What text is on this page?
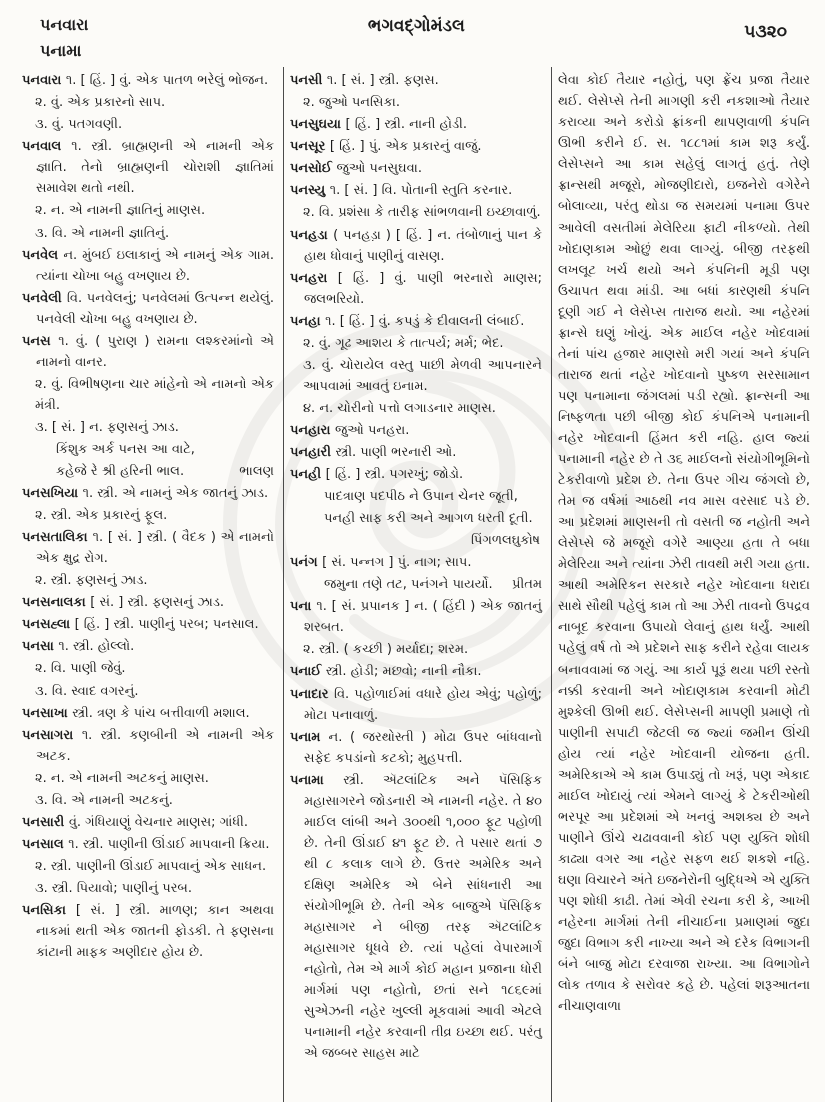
પનવારા
પનામા
ભગવદ્ગોમંડલ	૫૩૨૦

પનવારા ૧. [ હિં. ] વું. એક પાતળ ભરેલું ભોજન.

૨. વું. એક પ્રકારનો સાપ.

૩. વું. પતગવણી.

પનવાલ ૧. સ્ત્રી. બ્રાહ્મણની એ નામની એક જ્ઞાતિ. તેનો બ્રાહ્મણની ચોરાશી જ્ઞાતિમાં સમાવેશ થતો નથી.

૨. ન. એ નામની જ્ઞાતિનું માણસ.

૩. વિ. એ નામની જ્ઞાતિનું.

પનવેલ ન. મુંબઈ ઇલાકાનું એ નામનું એક ગામ. ત્યાંના ચોખા બહુ વખણાય છે.

પનવેલી વિ. પનવેલનું; પનવેલમાં ઉત્પન્ન થયેલું. પનવેલી ચોખા બહુ વખણાય છે.

પનસ ૧. વું. ( પુરાણ ) રામના લશ્કરમાંનો એ નામનો વાનર.

૨. વું. વિભીષણના ચાર માંહેનો એ નામનો એક મંત્રી.

૩. [ સં. ] ન. ફણસનું ઝાડ.

કિંશુક અર્ક પનસ આ વાટે,

ભાલણ
કહેજે રે શ્રી હરિની ભાલ.

પનસખિયા ૧. સ્ત્રી. એ નામનું એક જાતનું ઝાડ.

૨. સ્ત્રી. એક પ્રકારનું ફૂલ.

પનસતાલિકા ૧. [ સં. ] સ્ત્રી. ( વૈદક ) એ નામનો એક ક્ષુદ્ર રોગ.

૨. સ્ત્રી. ફણસનું ઝાડ.

પનસનાલકા [ સં. ] સ્ત્રી. ફણસનું ઝાડ.

પનસહ્લા [ હિં. ] સ્ત્રી. પાણીનું પરબ; પનસાલ.

પનસા ૧. સ્ત્રી. હોલ્લો.

૨. વિ. પાણી જેવું.

૩. વિ. સ્વાદ વગરનું.

પનસાખા સ્ત્રી. ત્રણ કે પાંચ બત્તીવાળી મશાલ.

પનસાગરા ૧. સ્ત્રી. કણબીની એ નામની એક અટક.

૨. ન. એ નામની અટકનું માણસ.

૩. વિ. એ નામની અટકનું.

પનસારી વું. ગંધિયાણું વેચનાર માણસ; ગાંધી.

પનસાલ ૧. સ્ત્રી. પાણીની ઊંડાઈ માપવાની ક્રિયા.

૨. સ્ત્રી. પાણીની ઊંડાઈ માપવાનું એક સાધન.

૩. સ્ત્રી. પિયાવો; પાણીનું પરબ.

પનસિકા [ સં. ] સ્ત્રી. માળણ; કાન અથવા નાકમાં થતી એક જાતની ફોડકી. તે ફણસના કાંટાની માફક અણીદાર હોય છે.

પનસી ૧. [ સં. ] સ્ત્રી. ફણસ.

૨. જુઓ પનસિકા.

પનસુઘયા [ હિં. ] સ્ત્રી. નાની હોડી.

પનસૂર [ હિં. ] પું. એક પ્રકારનું વાજું.

પનસોઈ જુઓ પનસુઘવા.

પનસ્યુ ૧. [ સં. ] વિ. પોતાની સ્તુતિ કરનાર.

૨. વિ. પ્રશંસા કે તારીફ સાંભળવાની ઇચ્છાવાળું.

પનહડા ( પનહડ઼ા ) [ હિં. ] ન. તંબોળાનું પાન કે હાથ ધોવાનું પાણીનું વાસણ.

પનહરા [ હિં. ] વું. પાણી ભરનારો માણસ; જલભરિયો.

પનહા ૧. [ હિં. ] વું. કપડું કે દીવાલની લંબાઈ.

૨. વું. ગૂઢ આશય કે તાત્પર્ય; મર્મ; ભેદ.

૩. વું. ચોરાયેલ વસ્તુ પાછી મેળવી આપનારને આપવામાં આવતું ઇનામ.

૪. ન. ચોરીનો પત્તો લગાડનાર માણસ.

પનહારા જુઓ પનહરા.

પનહારી સ્ત્રી. પાણી ભરનારી ઓ.

પનહી [ હિં. ] સ્ત્રી. પગરખું; જોડો.

પાદત્રાણ પદપીઠ ને ઉપાન ચેનર જૂતી,

પનહી સાફ કરી અને આગળ ધરતી દૂતી.

પિંગળલઘુકોષ

પનંગ [ સં. પન્નગ ] પું. નાગ; સાપ.

પ્રીતમ
જમુના તણે તટ, પનંગને પાયર્યો.

પના ૧. [ સં. પ્રપાનક ] ન. ( હિંદી ) એક જાતનું શરબત.

૨. સ્ત્રી. ( કચ્છી ) મર્યાદા; શરમ.

પનાઈ સ્ત્રી. હોડી; મછવો; નાની નૌકા.

પનાદાર વિ. પહોળાઈમાં વધારે હોય એવું; પહોળું; મોટા પનાવાળું.

પનામ ન. ( જરથોસ્તી ) મોઢા ઉપર બાંધવાનો સફેદ કપડાંનો કટકો; મુહપત્તી.

પનામા સ્ત્રી. ઍટલાંટિક અને પૅસિફિક મહાસાગરને જોડનારી એ નામની નહેર. તે ૪૦ માઈલ લાંબી અને ૩૦૦થી ૧,૦૦૦ ફૂટ પહોળી છે. તેની ઊંડાઈ ૪૧ ફૂટ છે. તે પસાર થતાં ૭ થી ૮ કલાક લાગે છે. ઉત્તર અમેરિક અને દક્ષિણ અમેરિક એ બેને સાંધનારી આ સંયોગીભૂમિ છે. તેની એક બાજુએ પૅસિફિક મહાસાગર ને બીજી તરફ ઍટલાંટિક મહાસાગર ધૂધવે છે. ત્યાં પહેલાં વેપારમાર્ગ નહોતો, તેમ એ માર્ગ કોઈ મહાન પ્રજાના ધોરી માર્ગમાં પણ નહોતો, છતાં સને ૧૮૬૯માં સુએઝની નહેર ખુલ્લી મૂકવામાં આવી એટલે પનામાની નહેર કરવાની તીવ્ર ઇચ્છા થઈ. પરંતુ એ જબ્બર સાહસ માટે

લેવા કોઈ તૈયાર નહોતું, પણ ફ્રેંચ પ્રજા તૈયાર થઈ. લેસેપ્સે તેની માગણી કરી નકશાઓ તૈયાર કરાવ્યા અને કરોડો ફ્રાંકની થાપણવાળી કંપનિ ઊભી કરીને ઈ. સ. ૧૮૮૧માં કામ શરૂ કર્યું. લેસેપ્સને આ કામ સહેલું લાગતું હતું. તેણે ફ્રાન્સથી મજૂરો, મોજણીદારો, ઇજનેરો વગેરેને બોલાવ્યા, પરંતુ થોડા જ સમયમાં પનામા ઉપર આવેલી વસતીમાં મેલેરિયા ફાટી નીકળ્યો. તેથી ખોદાણકામ ઓછું થવા લાગ્યું. બીજી તરફથી લખલૂટ ખર્ચ થયો અને કંપનિની મૂડી પણ ઉચાપત થવા માંડી. આ બધાં કારણથી કંપનિ દૂણી ગઈ ને લેસેપ્સ તારાજ થયો. આ નહેરમાં ફ્રાન્સે ઘણું ખોયું. એક માઈલ નહેર ખોદવામાં તેનાં પાંચ હજાર માણસો મરી ગયાં અને કંપનિ તારાજ થતાં નહેર ખોદવાનો પુષ્કળ સરસામાન પણ પનામાના જંગલમાં પડી રહ્યો. ફ્રાન્સની આ નિષ્ફળતા પછી બીજી કોઈ કંપનિએ પનામાની નહેર ખોદવાની હિંમત કરી નહિ. હાલ જ્યાં પનામાની નહેર છે તે ૩૬ માઈલનો સંયોગીભૂમિનો ટેકરીવાળો પ્રદેશ છે. તેના ઉપર ગીચ જંગલો છે, તેમ જ વર્ષમાં આઠથી નવ માસ વરસાદ પડે છે. આ પ્રદેશમાં માણસની તો વસતી જ નહોતી અને લેસેપ્સે જે મજૂરો વગેરે આણ્યા હતા તે બધા મેલેરિયા અને ત્યાંના ઝેરી તાવથી મરી ગયા હતા. આથી અમેરિકન સરકારે નહેર ખોદવાના ધરાદા સાથે સૌથી પહેલું કામ તો આ ઝેરી તાવનો ઉપદ્રવ નાબૂદ કરવાના ઉપાયો લેવાનું હાથ ધર્યું. આથી પહેલું વર્ષ તો એ પ્રદેશને સાફ કરીને રહેવા લાયક બનાવવામાં જ ગયું. આ કાર્ય પૂરૂં થયા પછી રસ્તો નક્કી કરવાની અને ખોદાણકામ કરવાની મોટી મુશ્કેલી ઊભી થઈ. લેસેપ્સની માપણી પ્રમાણે તો પાણીની સપાટી જેટલી જ જ્યાં જમીન ઊંચી હોય ત્યાં નહેર ખોદવાની યોજના હતી. અમેરિકાએ એ કામ ઉપાડ્યું તો ખરૂં, પણ એકાદ માઈલ ખોદાયું ત્યાં એમને લાગ્યું કે ટેકરીઓથી ભરપૂર આ પ્રદેશમાં એ ખનવું અશક્ય છે અને પાણીને ઊંચે ચઢાવવાની કોઈ પણ યુક્તિ શોધી કાઢ્યા વગર આ નહેર સફળ થઈ શકશે નહિ. ઘણા વિચારને અંતે ઇજનેરોની બુદ્ધિએ એ યુક્તિ પણ શોધી કાઢી. તેમાં એવી રચના કરી કે, આખી નહેરના માર્ગમાં તેની નીચાઈના પ્રમાણમાં જુદા જુદા વિભાગ કરી નાખ્યા અને એ દરેક વિભાગની બંને બાજુ મોટા દરવાજા રાખ્યા. આ વિભાગોને લોક તળાવ કે સરોવર કહે છે. પહેલાં શરૂઆતના નીચાણવાળા
